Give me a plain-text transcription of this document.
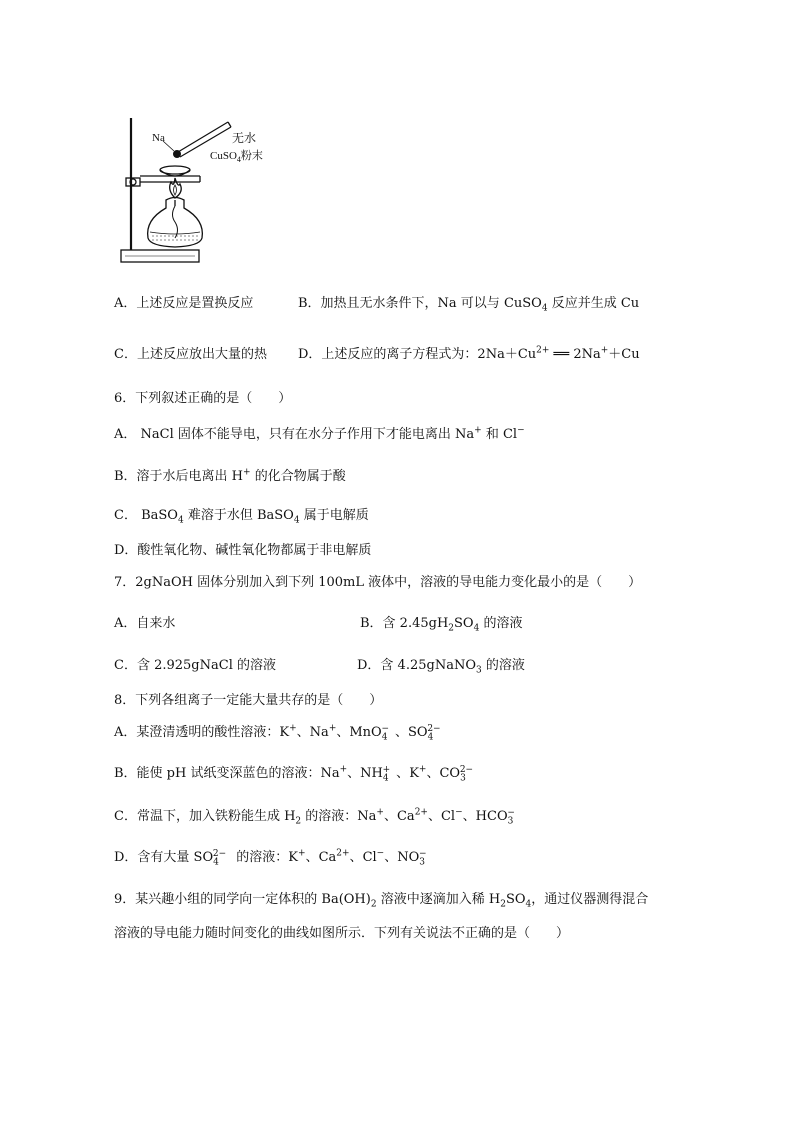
Na	无水
CuSO$_4$粉末
A．上述反应是置换反应	B．加热且无水条件下，Na 可以与 CuSO$_4$ 反应并生成 Cu
C．上述反应放出大量的热 D．上述反应的离子方程式为：$2Na+Cu^{2+}$ ══ 2Na+＋Cu
6．下列叙述正确的是（　　）
A． NaCl 固体不能导电，只有在水分子作用下才能电离出 Na+ 和 Cl−
B．溶于水后电离出 H+ 的化合物属于酸
C． BaSO$_4$ 难溶于水但 BaSO$_4$ 属于电解质
D．酸性氧化物、碱性氧化物都属于非电解质
7．2gNaOH 固体分别加入到下列 100mL 液体中，溶液的导电能力变化最小的是（　　）
A．自来水	B．含 $2.45gH_2SO_4$ 的溶液
C．含 2.925gNaCl 的溶液	D．含 4.25gNaNO$_3$ 的溶液
8．下列各组离子一定能大量共存的是（　　）
A．某澄清透明的酸性溶液：K+、Na+、MnO$_4$− 、$SO_4^{2-}$
B．能使 pH 试纸变深蓝色的溶液：Na+、$NH_4^+$ 、K+、$CO_3^{2-}$
C．常温下，加入铁粉能生成 $H_2$ 的溶液：Na+、$Ca^{2+}$、Cl−、$HCO_3^-$
D．含有大量 $SO_4^{2-}$ 的溶液：K+、$Ca^{2+}$、Cl−、$NO_3^-$
9．某兴趣小组的同学向一定体积的 $Ba(OH)_2$ 溶液中逐滴加入稀 $H_2SO_4$，通过仪器测得混合
溶液的导电能力随时间变化的曲线如图所示．下列有关说法不正确的是（　　）
